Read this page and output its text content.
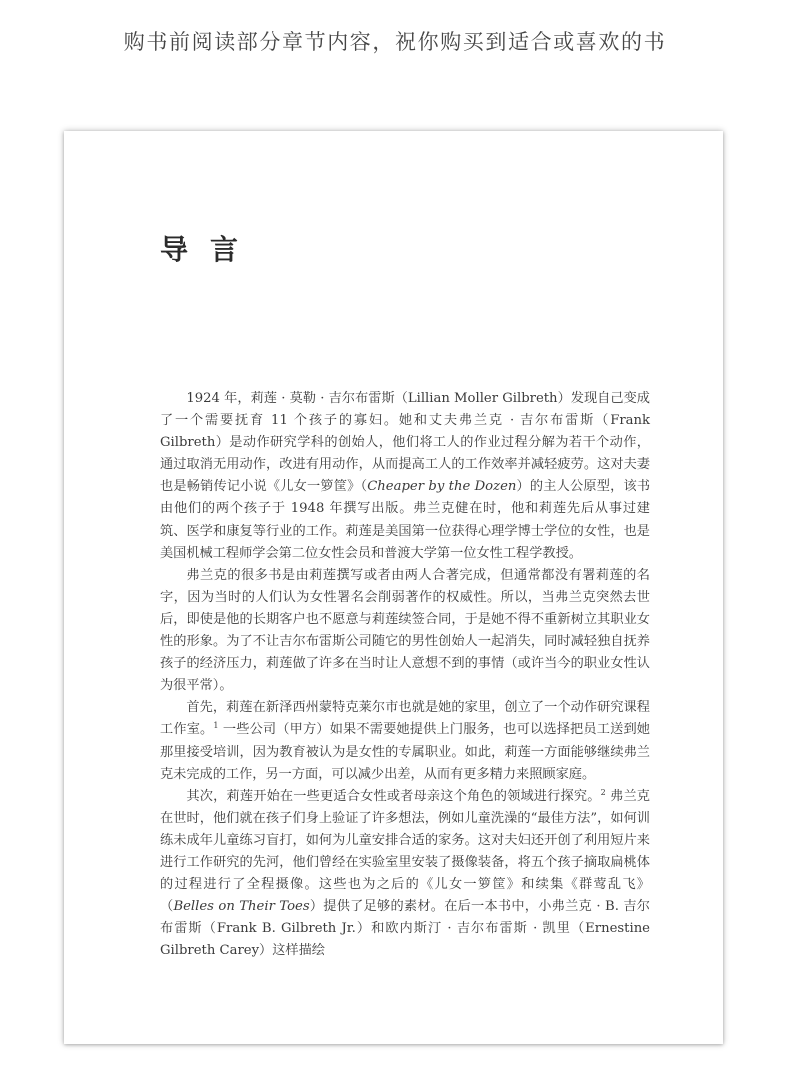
购书前阅读部分章节内容，祝你购买到适合或喜欢的书
导言

1924 年，莉莲 · 莫勒 · 吉尔布雷斯（Lillian Moller Gilbreth）发现自己变成了一个需要抚育 11 个孩子的寡妇。她和丈夫弗兰克 · 吉尔布雷斯（Frank Gilbreth）是动作研究学科的创始人，他们将工人的作业过程分解为若干个动作，通过取消无用动作，改进有用动作，从而提高工人的工作效率并减轻疲劳。这对夫妻也是畅销传记小说《儿女一箩筐》（Cheaper by the Dozen）的主人公原型，该书由他们的两个孩子于 1948 年撰写出版。弗兰克健在时，他和莉莲先后从事过建筑、医学和康复等行业的工作。莉莲是美国第一位获得心理学博士学位的女性，也是美国机械工程师学会第二位女性会员和普渡大学第一位女性工程学教授。

弗兰克的很多书是由莉莲撰写或者由两人合著完成，但通常都没有署莉莲的名字，因为当时的人们认为女性署名会削弱著作的权威性。所以，当弗兰克突然去世后，即使是他的长期客户也不愿意与莉莲续签合同，于是她不得不重新树立其职业女性的形象。为了不让吉尔布雷斯公司随它的男性创始人一起消失，同时减轻独自抚养孩子的经济压力，莉莲做了许多在当时让人意想不到的事情（或许当今的职业女性认为很平常）。

首先，莉莲在新泽西州蒙特克莱尔市也就是她的家里，创立了一个动作研究课程工作室。$^1$ 一些公司（甲方）如果不需要她提供上门服务，也可以选择把员工送到她那里接受培训，因为教育被认为是女性的专属职业。如此，莉莲一方面能够继续弗兰克未完成的工作，另一方面，可以减少出差，从而有更多精力来照顾家庭。

其次，莉莲开始在一些更适合女性或者母亲这个角色的领域进行探究。$^2$ 弗兰克在世时，他们就在孩子们身上验证了许多想法，例如儿童洗澡的“最佳方法”，如何训练未成年儿童练习盲打，如何为儿童安排合适的家务。这对夫妇还开创了利用短片来进行工作研究的先河，他们曾经在实验室里安装了摄像装备，将五个孩子摘取扁桃体的过程进行了全程摄像。这些也为之后的《儿女一箩筐》和续集《群莺乱飞》（Belles on Their Toes）提供了足够的素材。在后一本书中，小弗兰克 · B. 吉尔布雷斯（Frank B. Gilbreth Jr.）和欧内斯汀 · 吉尔布雷斯 · 凯里（Ernestine Gilbreth Carey）这样描绘
